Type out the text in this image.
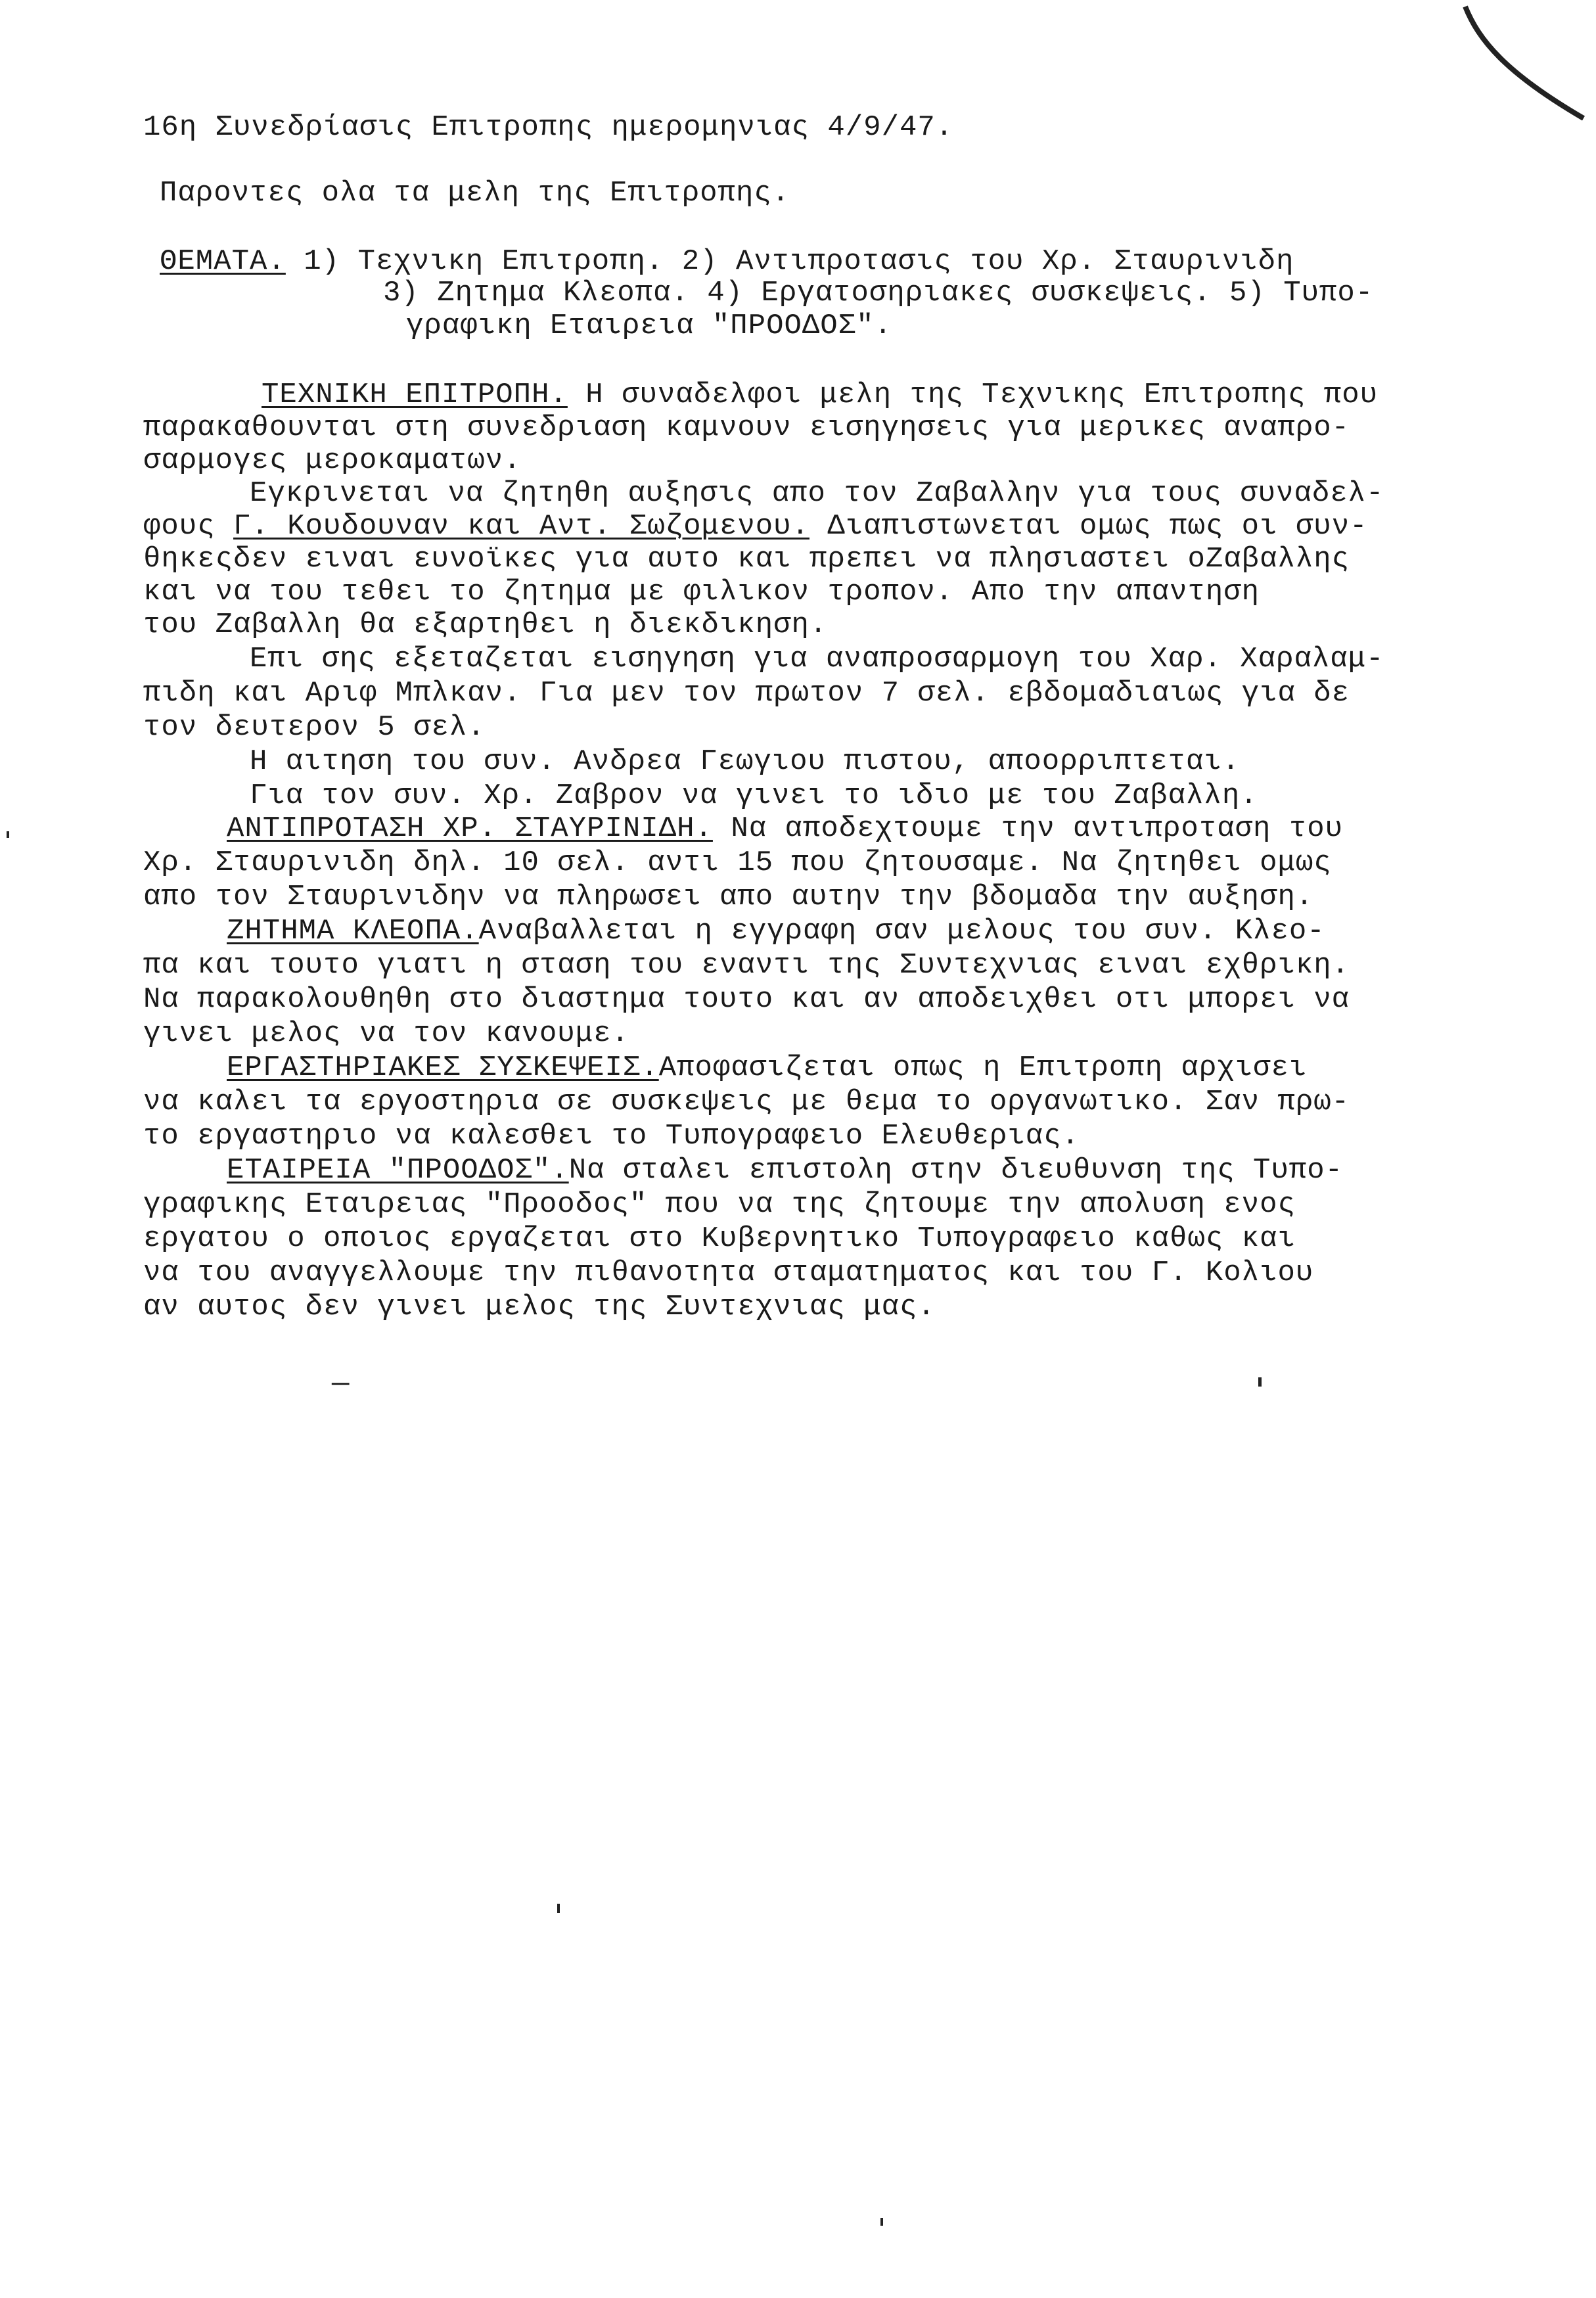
16η Συνεδρίασις Επιτροπης ημερομηνιας 4/9/47.
Παροντες ολα τα μελη της Επιτροπης.
ΘΕΜΑΤΑ. 1) Τεχνικη Επιτροπη. 2) Αντιπροτασις του Χρ. Σταυρινιδη
3) Ζητημα Κλεοπα. 4) Εργατοσηριακες συσκεψεις. 5) Τυπο-
γραφικη Εταιρεια "ΠΡΟΟΔΟΣ".
ΤΕΧΝΙΚΗ ΕΠΙΤΡΟΠΗ. Η συναδελφοι μελη της Τεχνικης Επιτροπης που
παρακαθουνται στη συνεδριαση καμνουν εισηγησεις για μερικες αναπρο-
σαρμογες μεροκαματων.
Εγκρινεται να ζητηθη αυξησις απο τον Ζαβαλλην για τους συναδελ-
φους Γ. Κουδουναν και Αντ. Σωζομενου. Διαπιστωνεται ομως πως οι συν-
θηκεςδεν ειναι ευνοϊκες για αυτο και πρεπει να πλησιαστει οΖαβαλλης
και να του τεθει το ζητημα με φιλικον τροπον. Απο την απαντηση
του Ζαβαλλη θα εξαρτηθει η διεκδικηση.
Επι σης εξεταζεται εισηγηση για αναπροσαρμογη του Χαρ. Χαραλαμ-
πιδη και Αριφ Μπλκαν. Για μεν τον πρωτον 7 σελ. εβδομαδιαιως για δε
τον δευτερον 5 σελ.
Η αιτηση του συν. Ανδρεα Γεωγιου πιστου, αποορριπτεται.
Για τον συν. Χρ. Ζαβρον να γινει το ιδιο με του Ζαβαλλη.
ΑΝΤΙΠΡΟΤΑΣΗ ΧΡ. ΣΤΑΥΡΙΝΙΔΗ. Να αποδεχτουμε την αντιπροταση του
Χρ. Σταυρινιδη δηλ. 10 σελ. αντι 15 που ζητουσαμε. Να ζητηθει ομως
απο τον Σταυρινιδην να πληρωσει απο αυτην την βδομαδα την αυξηση.
ΖΗΤΗΜΑ ΚΛΕΟΠΑ.Αναβαλλεται η εγγραφη σαν μελους του συν. Κλεο-
πα και τουτο γιατι η σταση του εναντι της Συντεχνιας ειναι εχθρικη.
Να παρακολουθηθη στο διαστημα τουτο και αν αποδειχθει οτι μπορει να
γινει μελος να τον κανουμε.
ΕΡΓΑΣΤΗΡΙΑΚΕΣ ΣΥΣΚΕΨΕΙΣ.Αποφασιζεται οπως η Επιτροπη αρχισει
να καλει τα εργοστηρια σε συσκεψεις με θεμα το οργανωτικο. Σαν πρω-
το εργαστηριο να καλεσθει το Τυπογραφειο Ελευθεριας.
ΕΤΑΙΡΕΙΑ "ΠΡΟΟΔΟΣ".Να σταλει επιστολη στην διευθυνση της Τυπο-
γραφικης Εταιρειας "Προοδος" που να της ζητουμε την απολυση ενος
εργατου ο οποιος εργαζεται στο Κυβερνητικο Τυπογραφειο καθως και
να του αναγγελλουμε την πιθανοτητα σταματηματος και του Γ. Κολιου
αν αυτος δεν γινει μελος της Συντεχνιας μας.
—
